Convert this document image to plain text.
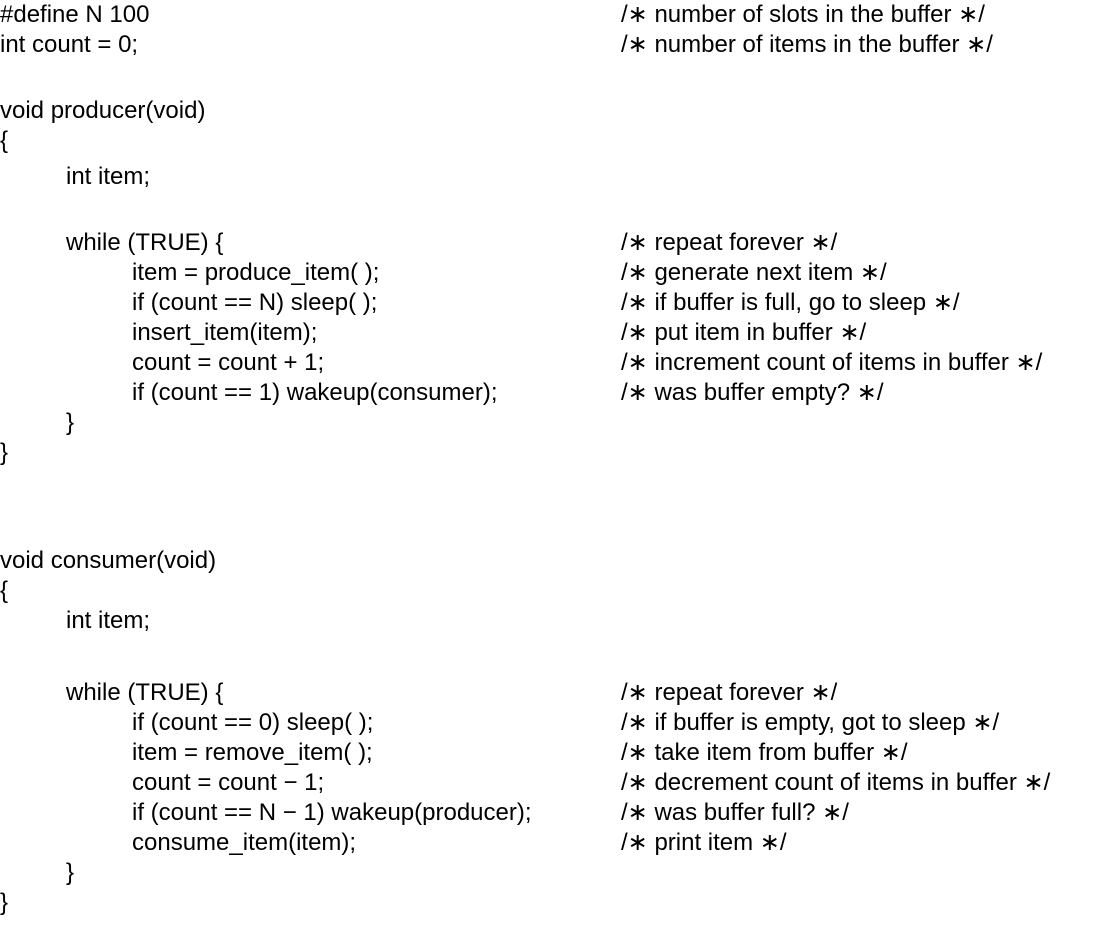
#define N 100	/∗ number of slots in the buffer ∗/
int count = 0;	/∗ number of items in the buffer ∗/
void producer(void)
{
int item;
while (TRUE) {	/∗ repeat forever ∗/
item = produce_item( );	/∗ generate next item ∗/
if (count == N) sleep( );	/∗ if buffer is full, go to sleep ∗/
insert_item(item);	/∗ put item in buffer ∗/
count = count + 1;	/∗ increment count of items in buffer ∗/
if (count == 1) wakeup(consumer);	/∗ was buffer empty? ∗/
}
}
void consumer(void)
{
int item;
while (TRUE) {	/∗ repeat forever ∗/
if (count == 0) sleep( );	/∗ if buffer is empty, got to sleep ∗/
item = remove_item( );	/∗ take item from buffer ∗/
count = count − 1;	/∗ decrement count of items in buffer ∗/
if (count == N − 1) wakeup(producer);	/∗ was buffer full? ∗/
consume_item(item);	/∗ print item ∗/
}
}
